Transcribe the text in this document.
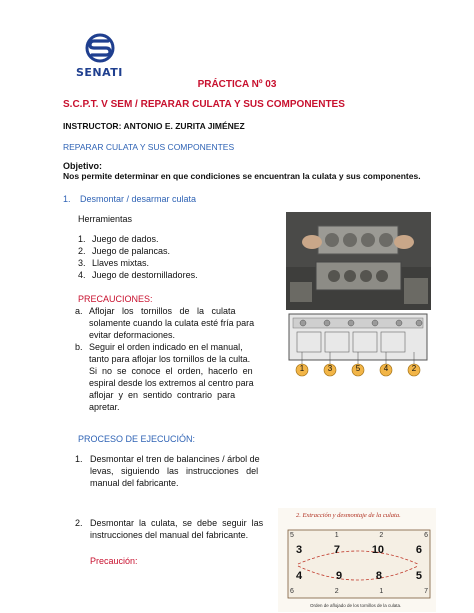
SENATI
PRÁCTICA Nº 03
S.C.P.T. V SEM / REPARAR CULATA Y SUS COMPONENTES
INSTRUCTOR: ANTONIO E. ZURITA JIMÉNEZ
REPARAR CULATA Y SUS COMPONENTES
Objetivo:
Nos permite determinar en que condiciones se encuentran la culata y sus componentes.
1. Desmontar / desarmar culata
Herramientas
1. Juego de dados.
2. Juego de palancas.
3. Llaves mixtas.
4. Juego de destornilladores.
PRECAUCIONES:
a. Aflojar   los   tornillos   de   la   culata
solamente cuando la culata esté fría para
evitar deformaciones.
b. Seguir el orden indicado en el manual,
tanto para aflojar los tornillos de la culta.
Si  no  se  conoce  el  orden,  hacerlo  en
espiral desde los extremos al centro para
aflojar  y  en  sentido  contrario  para
apretar.
PROCESO DE EJECUCIÓN:
1. Desmontar el tren de balancines / árbol de
levas,   siguiendo   las   instrucciones   del
manual del fabricante.
2. Desmontar  la  culata,  se  debe  seguir  las
instrucciones del manual del fabricante.
Precaución:
1	3	5	4	2
2. Extracción y desmontaje de la culata.
5	1	2	6
3	7	10	6
4	9	8	5
6	2	1	7
Orden de aflojado de los tornillos de la culata.
